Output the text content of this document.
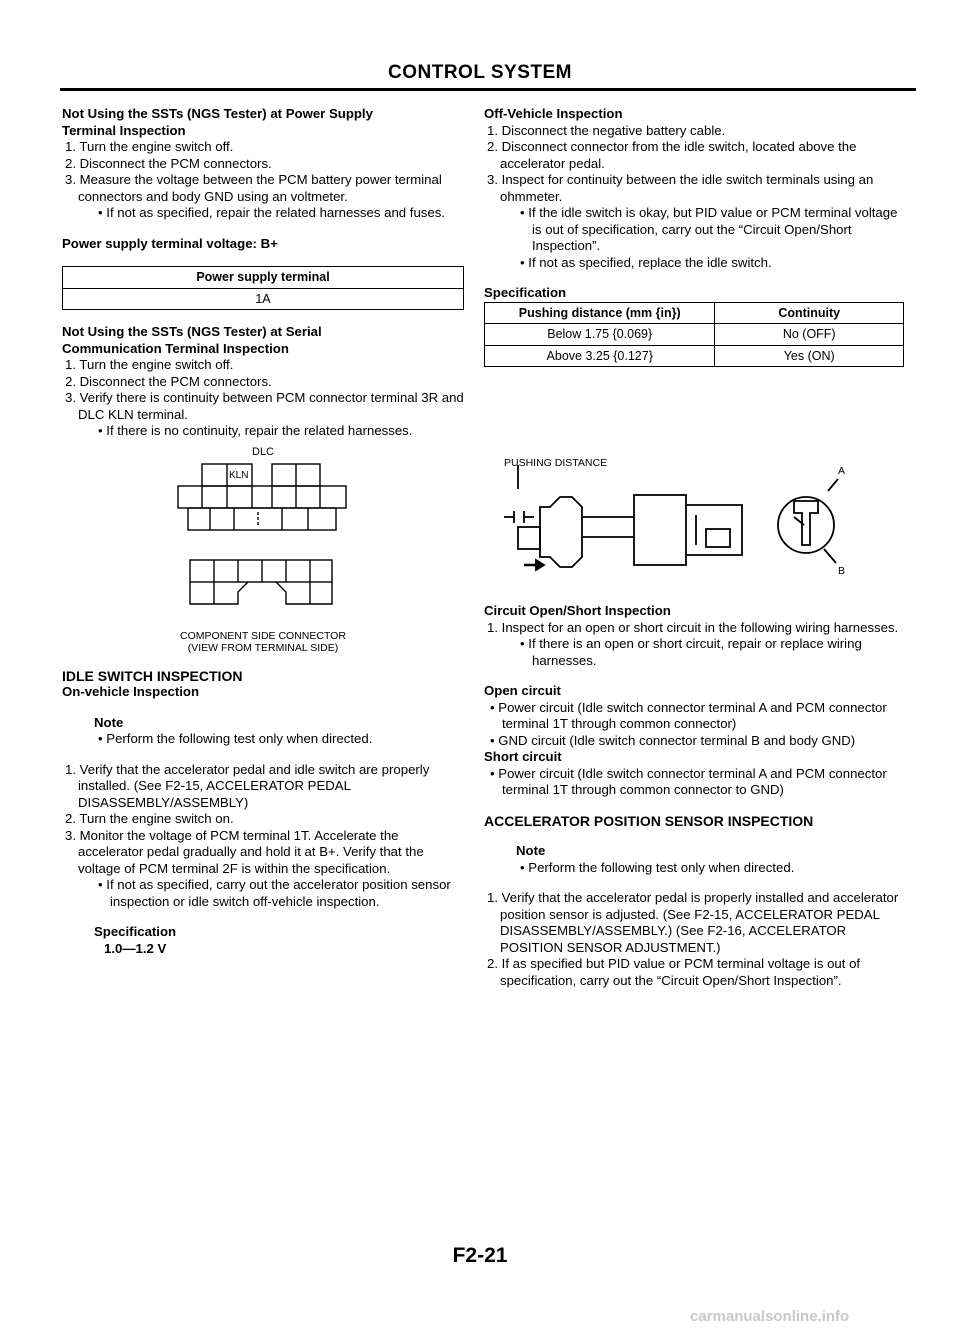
CONTROL SYSTEM
Not Using the SSTs (NGS Tester) at Power Supply
Terminal Inspection
1. Turn the engine switch off.
2. Disconnect the PCM connectors.
3. Measure the voltage between the PCM battery power terminal connectors and body GND using an voltmeter.
• If not as specified, repair the related harnesses and fuses.
Power supply terminal voltage: B+
Power supply terminal
1A
Not Using the SSTs (NGS Tester) at Serial
Communication Terminal Inspection
1. Turn the engine switch off.
2. Disconnect the PCM connectors.
3. Verify there is continuity between PCM connector terminal 3R and DLC KLN terminal.
• If there is no continuity, repair the related harnesses.
DLC
KLN
COMPONENT SIDE CONNECTOR
(VIEW FROM TERMINAL SIDE)
IDLE SWITCH INSPECTION
On-vehicle Inspection
Note
• Perform the following test only when directed.
1. Verify that the accelerator pedal and idle switch are properly installed. (See F2-15, ACCELERATOR PEDAL DISASSEMBLY/ASSEMBLY)
2. Turn the engine switch on.
3. Monitor the voltage of PCM terminal 1T. Accelerate the accelerator pedal gradually and hold it at B+. Verify that the voltage of PCM terminal 2F is within the specification.
• If not as specified, carry out the accelerator position sensor inspection or idle switch off-vehicle inspection.
Specification
1.0—1.2 V
Off-Vehicle Inspection
1. Disconnect the negative battery cable.
2. Disconnect connector from the idle switch, located above the accelerator pedal.
3. Inspect for continuity between the idle switch terminals using an ohmmeter.
• If the idle switch is okay, but PID value or PCM terminal voltage is out of specification, carry out the “Circuit Open/Short Inspection”.
• If not as specified, replace the idle switch.
Specification
Pushing distance (mm {in})	Continuity
Below 1.75 {0.069}	No (OFF)
Above 3.25 {0.127}	Yes (ON)
PUSHING DISTANCE
A
B
Circuit Open/Short Inspection
1. Inspect for an open or short circuit in the following wiring harnesses.
• If there is an open or short circuit, repair or replace wiring harnesses.
Open circuit
• Power circuit (Idle switch connector terminal A and PCM connector terminal 1T through common connector)
• GND circuit (Idle switch connector terminal B and body GND)
Short circuit
• Power circuit (Idle switch connector terminal A and PCM connector terminal 1T through common connector to GND)
ACCELERATOR POSITION SENSOR INSPECTION
Note
• Perform the following test only when directed.
1. Verify that the accelerator pedal is properly installed and accelerator position sensor is adjusted. (See F2-15, ACCELERATOR PEDAL DISASSEMBLY/ASSEMBLY.) (See F2-16, ACCELERATOR POSITION SENSOR ADJUSTMENT.)
2. If as specified but PID value or PCM terminal voltage is out of specification, carry out the “Circuit Open/Short Inspection”.
F2-21
carmanualsonline.info
